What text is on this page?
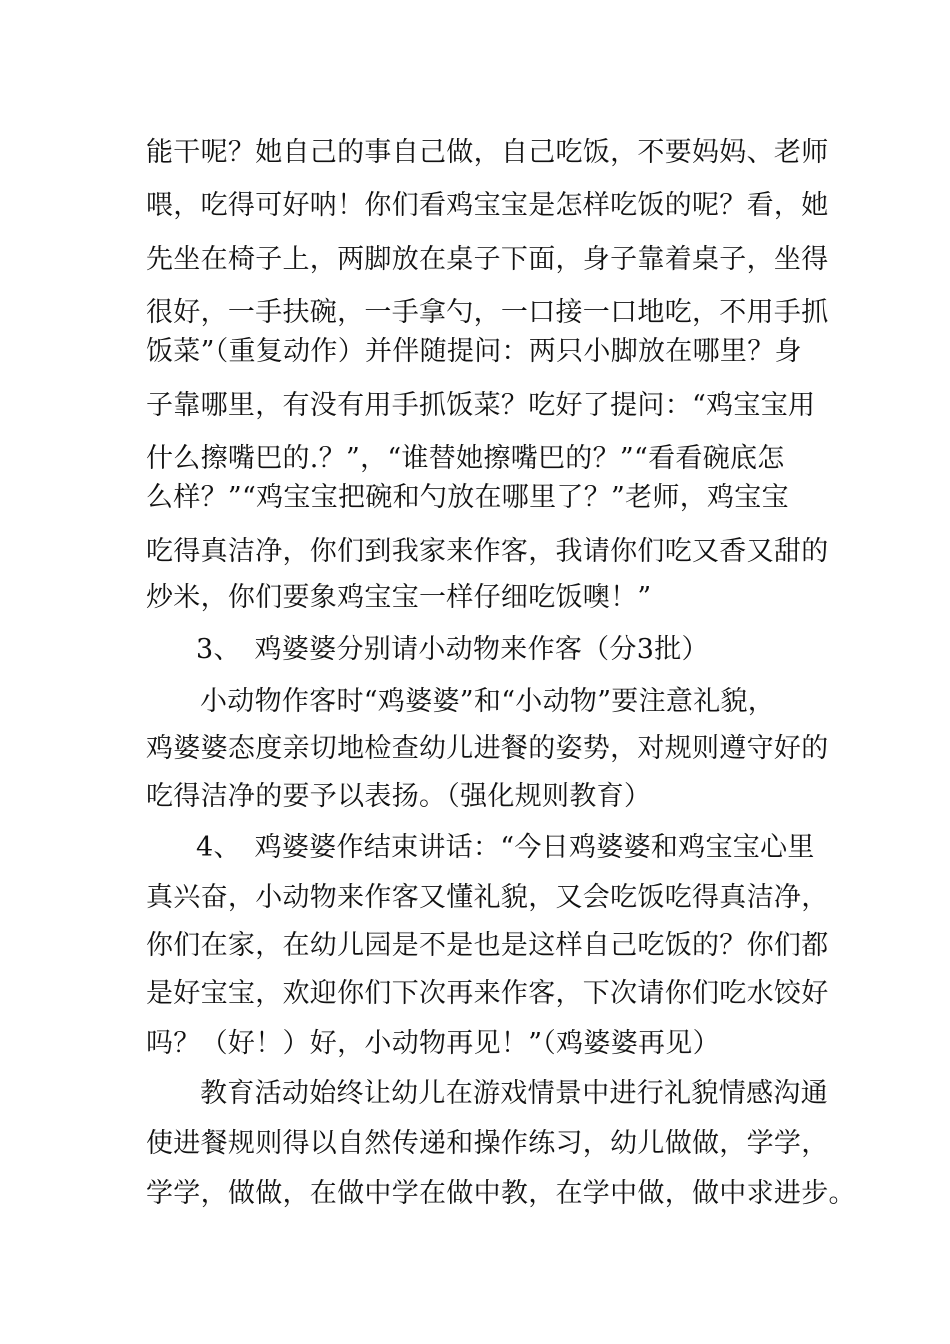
能干呢？她自己的事自己做，自己吃饭，不要妈妈、老师
喂，吃得可好呐！你们看鸡宝宝是怎样吃饭的呢？看，她
先坐在椅子上，两脚放在桌子下面，身子靠着桌子，坐得
很好，一手扶碗，一手拿勺，一口接一口地吃，不用手抓
饭菜”（重复动作）并伴随提问：两只小脚放在哪里？身
子靠哪里，有没有用手抓饭菜？吃好了提问：“鸡宝宝用
什么擦嘴巴的.？”，“谁替她擦嘴巴的？”“看看碗底怎
么样？”“鸡宝宝把碗和勺放在哪里了？”老师，鸡宝宝
吃得真洁净，你们到我家来作客，我请你们吃又香又甜的
炒米，你们要象鸡宝宝一样仔细吃饭噢！”
3、　鸡婆婆分别请小动物来作客（分3批）
小动物作客时“鸡婆婆”和“小动物”要注意礼貌，
鸡婆婆态度亲切地检查幼儿进餐的姿势，对规则遵守好的
吃得洁净的要予以表扬。（强化规则教育）
4、　鸡婆婆作结束讲话：“今日鸡婆婆和鸡宝宝心里
真兴奋，小动物来作客又懂礼貌，又会吃饭吃得真洁净，
你们在家，在幼儿园是不是也是这样自己吃饭的？你们都
是好宝宝，欢迎你们下次再来作客，下次请你们吃水饺好
吗？（好！）好，小动物再见！”（鸡婆婆再见）
教育活动始终让幼儿在游戏情景中进行礼貌情感沟通
使进餐规则得以自然传递和操作练习，幼儿做做，学学，
学学，做做，在做中学在做中教，在学中做，做中求进步。
